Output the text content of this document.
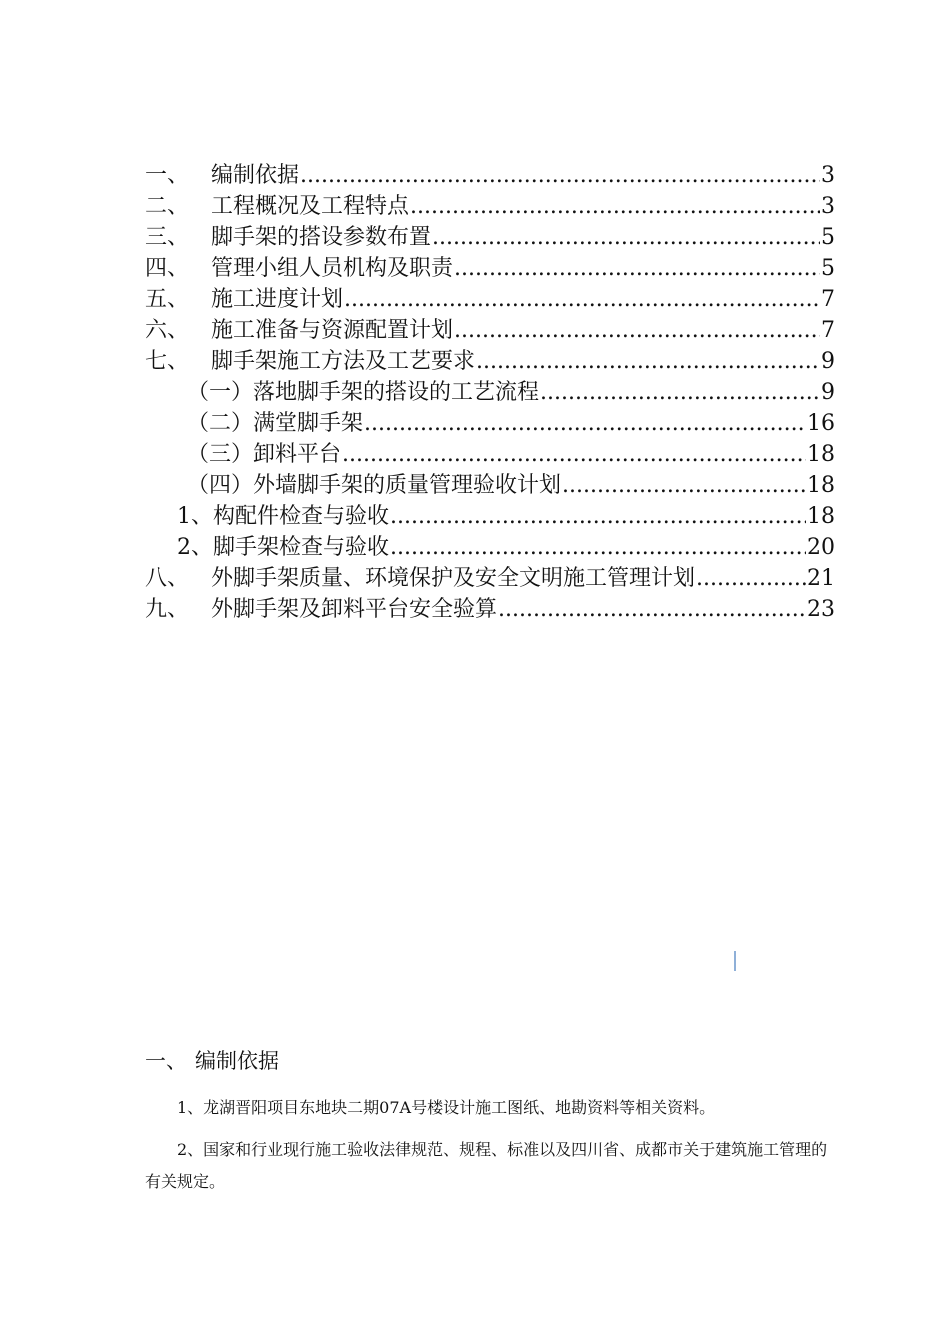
一、 编制依据 .....	3
二、 工程概况及工程特点 .....	3
三、 脚手架的搭设参数布置 .....	5
四、 管理小组人员机构及职责 .....	5
五、 施工进度计划 .....	7
六、 施工准备与资源配置计划 .....	7
七、 脚手架施工方法及工艺要求 .....	9
（一）落地脚手架的搭设的工艺流程 .....	9
（二）满堂脚手架 .....	16
（三）卸料平台 .....	18
（四）外墙脚手架的质量管理验收计划 .....	18
1、构配件检查与验收 .....	18
2、脚手架检查与验收 .....	20
八、 外脚手架质量、环境保护及安全文明施工管理计划 .....	21
九、 外脚手架及卸料平台安全验算 .....	23
一、 编制依据
1、龙湖晋阳项目东地块二期07A号楼设计施工图纸、地勘资料等相关资料。
2、国家和行业现行施工验收法律规范、规程、标准以及四川省、成都市关于建筑施工管理的有关规定。
